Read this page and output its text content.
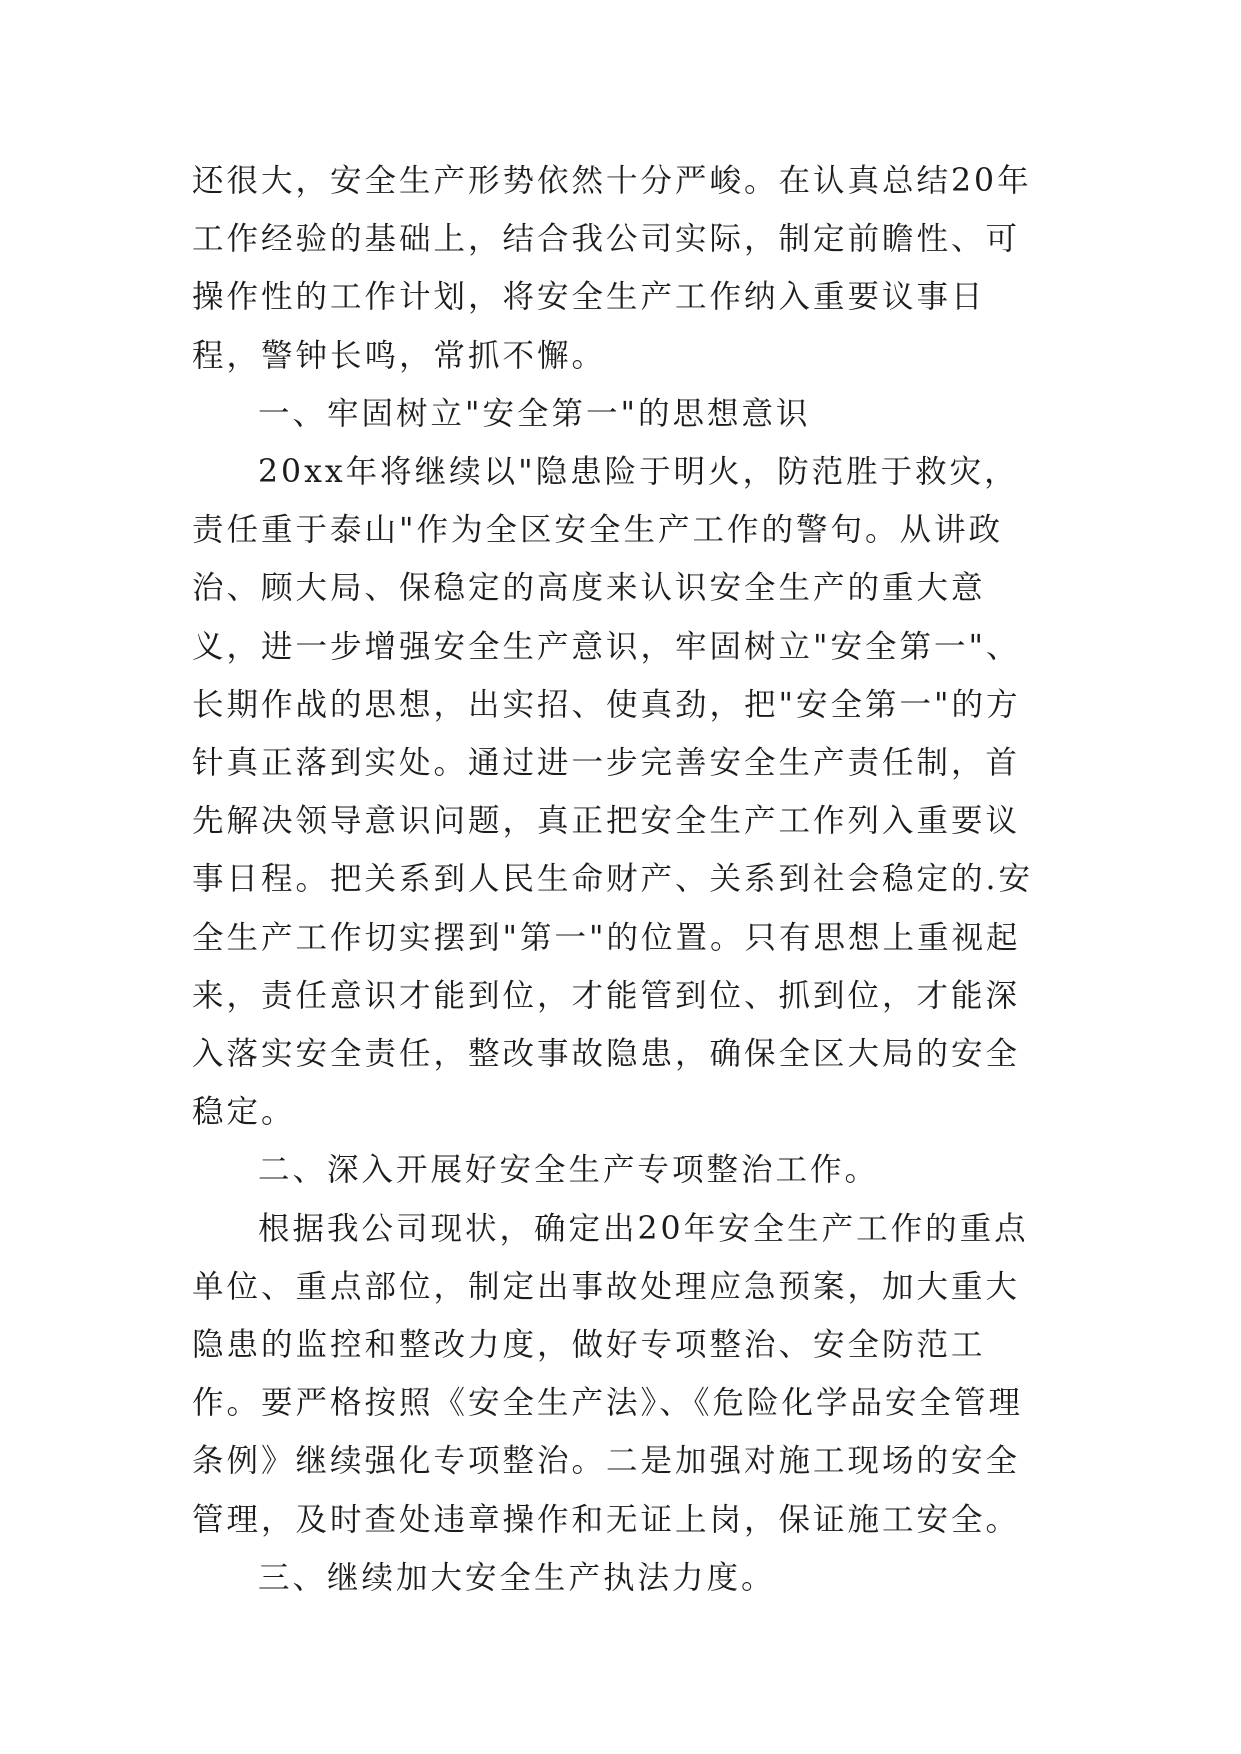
还很大，安全生产形势依然十分严峻。在认真总结20年工作经验的基础上，结合我公司实际，制定前瞻性、可操作性的工作计划，将安全生产工作纳入重要议事日程，警钟长鸣，常抓不懈。

一、牢固树立"安全第一"的思想意识

20xx年将继续以"隐患险于明火，防范胜于救灾，责任重于泰山"作为全区安全生产工作的警句。从讲政治、顾大局、保稳定的高度来认识安全生产的重大意义，进一步增强安全生产意识，牢固树立"安全第一"、长期作战的思想，出实招、使真劲，把"安全第一"的方针真正落到实处。通过进一步完善安全生产责任制，首先解决领导意识问题，真正把安全生产工作列入重要议事日程。把关系到人民生命财产、关系到社会稳定的.安全生产工作切实摆到"第一"的位置。只有思想上重视起来，责任意识才能到位，才能管到位、抓到位，才能深入落实安全责任，整改事故隐患，确保全区大局的安全稳定。

二、深入开展好安全生产专项整治工作。

根据我公司现状，确定出20年安全生产工作的重点单位、重点部位，制定出事故处理应急预案，加大重大隐患的监控和整改力度，做好专项整治、安全防范工作。要严格按照《安全生产法》、《危险化学品安全管理条例》继续强化专项整治。二是加强对施工现场的安全管理，及时查处违章操作和无证上岗，保证施工安全。

三、继续加大安全生产执法力度。
